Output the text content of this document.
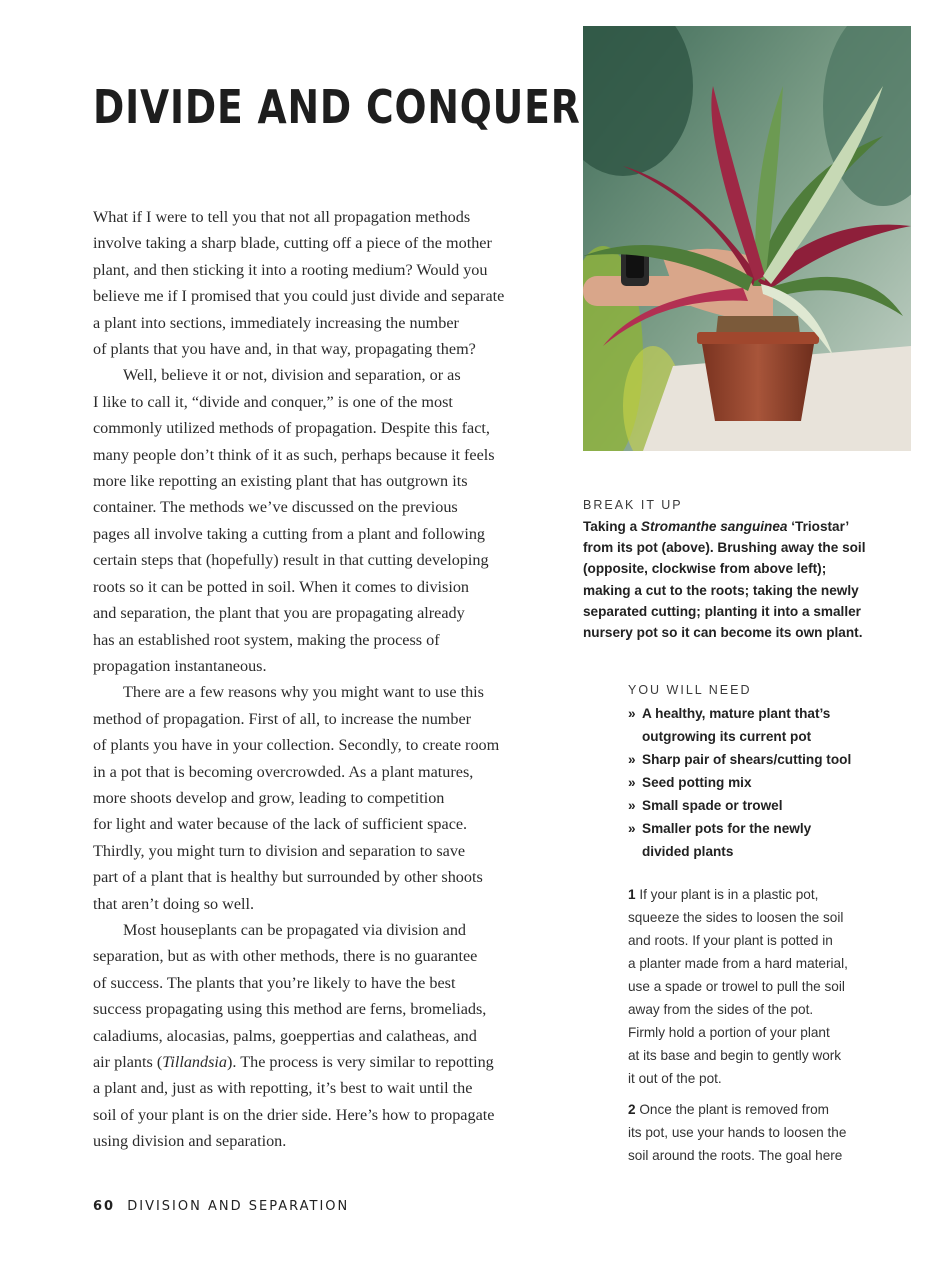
DIVIDE AND CONQUER
What if I were to tell you that not all propagation methods
involve taking a sharp blade, cutting off a piece of the mother
plant, and then sticking it into a rooting medium? Would you
believe me if I promised that you could just divide and separate
a plant into sections, immediately increasing the number
of plants that you have and, in that way, propagating them?
Well, believe it or not, division and separation, or as
I like to call it, “divide and conquer,” is one of the most
commonly utilized methods of propagation. Despite this fact,
many people don’t think of it as such, perhaps because it feels
more like repotting an existing plant that has outgrown its
container. The methods we’ve discussed on the previous
pages all involve taking a cutting from a plant and following
certain steps that (hopefully) result in that cutting developing
roots so it can be potted in soil. When it comes to division
and separation, the plant that you are propagating already
has an established root system, making the process of
propagation instantaneous.
There are a few reasons why you might want to use this
method of propagation. First of all, to increase the number
of plants you have in your collection. Secondly, to create room
in a pot that is becoming overcrowded. As a plant matures,
more shoots develop and grow, leading to competition
for light and water because of the lack of sufficient space.
Thirdly, you might turn to division and separation to save
part of a plant that is healthy but surrounded by other shoots
that aren’t doing so well.
Most houseplants can be propagated via division and
separation, but as with other methods, there is no guarantee
of success. The plants that you’re likely to have the best
success propagating using this method are ferns, bromeliads,
caladiums, alocasias, palms, goeppertias and calatheas, and
air plants (Tillandsia). The process is very similar to repotting
a plant and, just as with repotting, it’s best to wait until the
soil of your plant is on the drier side. Here’s how to propagate
using division and separation.
BREAK IT UP
Taking a Stromanthe sanguinea ‘Triostar’
from its pot (above). Brushing away the soil
(opposite, clockwise from above left);
making a cut to the roots; taking the newly
separated cutting; planting it into a smaller
nursery pot so it can become its own plant.
YOU WILL NEED
» A healthy, mature plant that’s
outgrowing its current pot
» Sharp pair of shears/cutting tool
» Seed potting mix
» Small spade or trowel
» Smaller pots for the newly
divided plants
1 If your plant is in a plastic pot,
squeeze the sides to loosen the soil
and roots. If your plant is potted in
a planter made from a hard material,
use a spade or trowel to pull the soil
away from the sides of the pot.
Firmly hold a portion of your plant
at its base and begin to gently work
it out of the pot.
2 Once the plant is removed from
its pot, use your hands to loosen the
soil around the roots. The goal here
60 DIVISION AND SEPARATION
